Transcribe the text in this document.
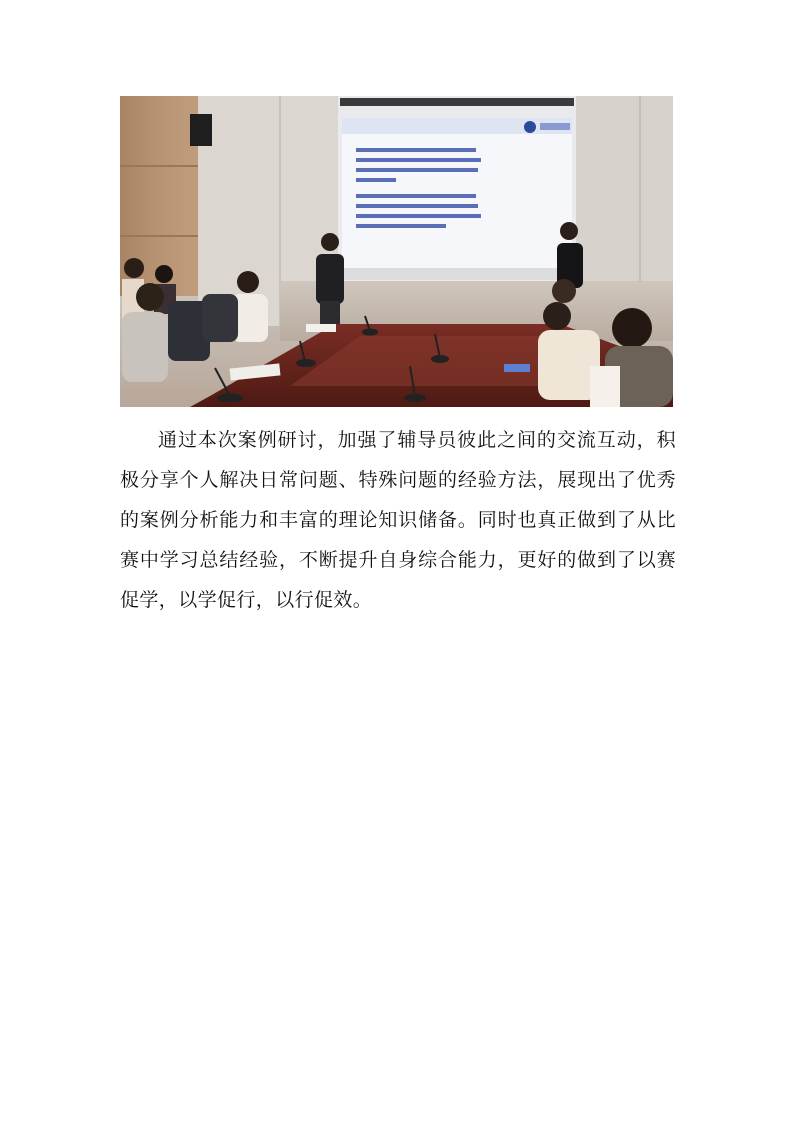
通过本次案例研讨，加强了辅导员彼此之间的交流互动，积极分享个人解决日常问题、特殊问题的经验方法，展现出了优秀的案例分析能力和丰富的理论知识储备。同时也真正做到了从比赛中学习总结经验，不断提升自身综合能力，更好的做到了以赛促学，以学促行，以行促效。
